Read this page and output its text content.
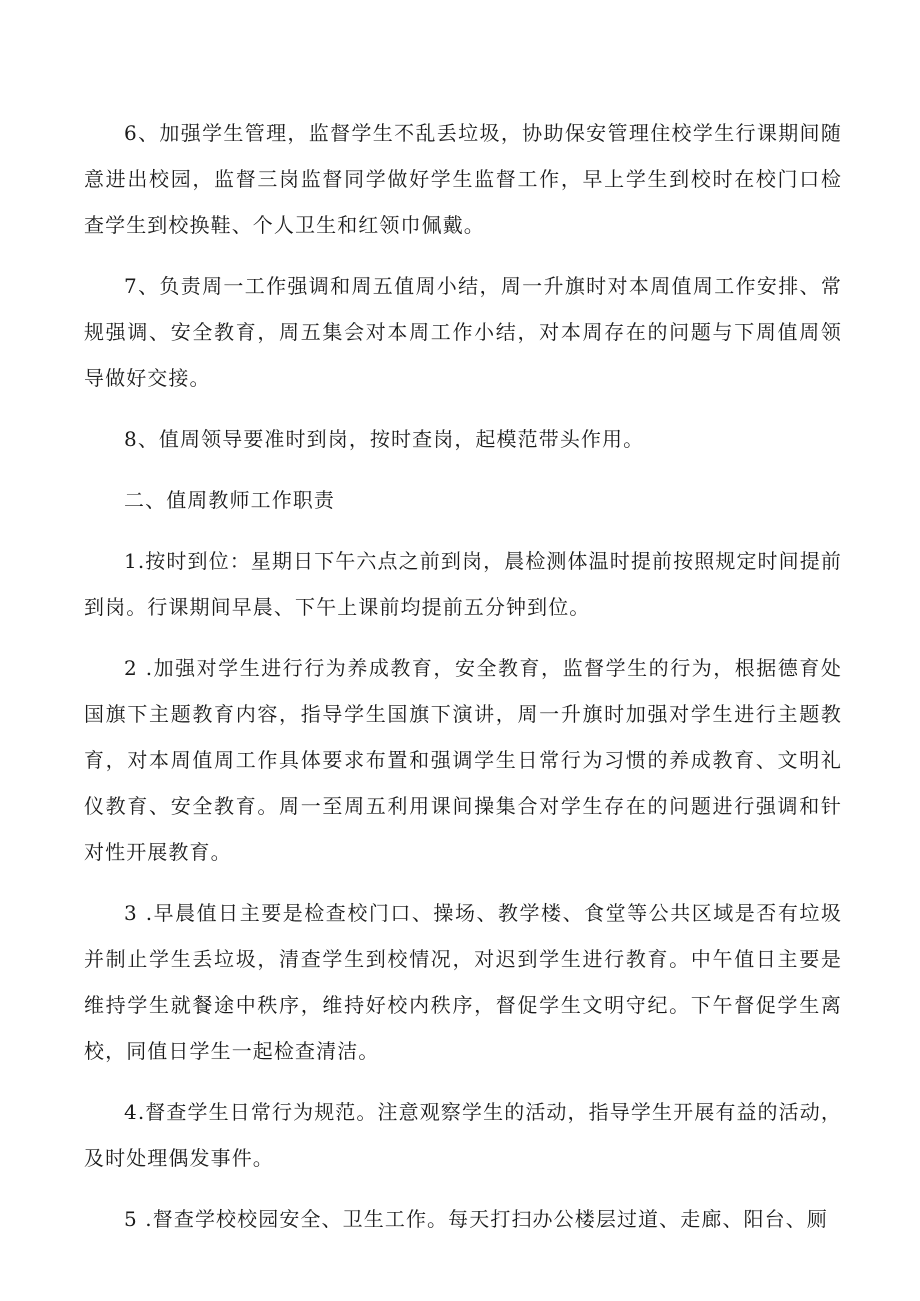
6、加强学生管理，监督学生不乱丢垃圾，协助保安管理住校学生行课期间随意进出校园，监督三岗监督同学做好学生监督工作，早上学生到校时在校门口检查学生到校换鞋、个人卫生和红领巾佩戴。

7、负责周一工作强调和周五值周小结，周一升旗时对本周值周工作安排、常规强调、安全教育，周五集会对本周工作小结，对本周存在的问题与下周值周领导做好交接。

8、值周领导要准时到岗，按时查岗，起模范带头作用。

二、值周教师工作职责

1.按时到位：星期日下午六点之前到岗，晨检测体温时提前按照规定时间提前到岗。行课期间早晨、下午上课前均提前五分钟到位。

2 .加强对学生进行行为养成教育，安全教育，监督学生的行为，根据德育处国旗下主题教育内容，指导学生国旗下演讲，周一升旗时加强对学生进行主题教育，对本周值周工作具体要求布置和强调学生日常行为习惯的养成教育、文明礼仪教育、安全教育。周一至周五利用课间操集合对学生存在的问题进行强调和针对性开展教育。

3 .早晨值日主要是检查校门口、操场、教学楼、食堂等公共区域是否有垃圾并制止学生丢垃圾，清查学生到校情况，对迟到学生进行教育。中午值日主要是维持学生就餐途中秩序，维持好校内秩序，督促学生文明守纪。下午督促学生离校，同值日学生一起检查清洁。

4.督查学生日常行为规范。注意观察学生的活动，指导学生开展有益的活动，及时处理偶发事件。

5 .督查学校校园安全、卫生工作。每天打扫办公楼层过道、走廊、阳台、厕
